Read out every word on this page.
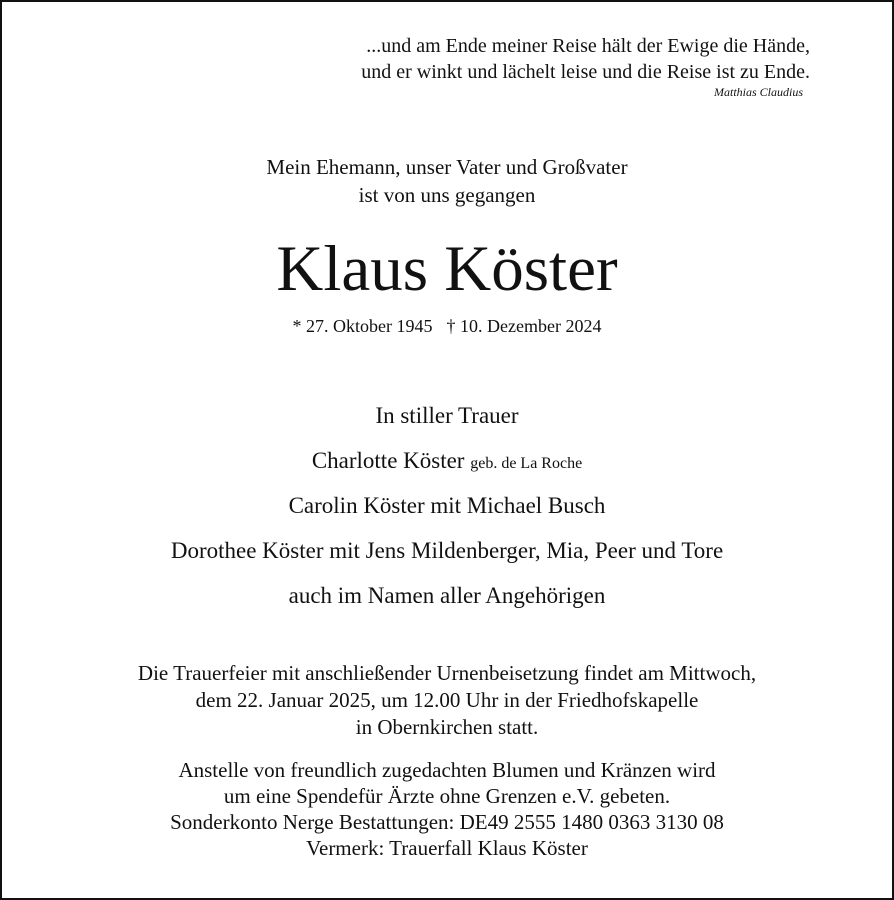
...und am Ende meiner Reise hält der Ewige die Hände,
und er winkt und lächelt leise und die Reise ist zu Ende.
Matthias Claudius
Mein Ehemann, unser Vater und Großvater
ist von uns gegangen
Klaus Köster
* 27. Oktober 1945 † 10. Dezember 2024
In stiller Trauer
Charlotte Köster geb. de La Roche
Carolin Köster mit Michael Busch
Dorothee Köster mit Jens Mildenberger, Mia, Peer und Tore
auch im Namen aller Angehörigen
Die Trauerfeier mit anschließender Urnenbeisetzung findet am Mittwoch,
dem 22. Januar 2025, um 12.00 Uhr in der Friedhofskapelle
in Obernkirchen statt.
Anstelle von freundlich zugedachten Blumen und Kränzen wird
um eine Spendefür Ärzte ohne Grenzen e.V. gebeten.
Sonderkonto Nerge Bestattungen: DE49 2555 1480 0363 3130 08
Vermerk: Trauerfall Klaus Köster
